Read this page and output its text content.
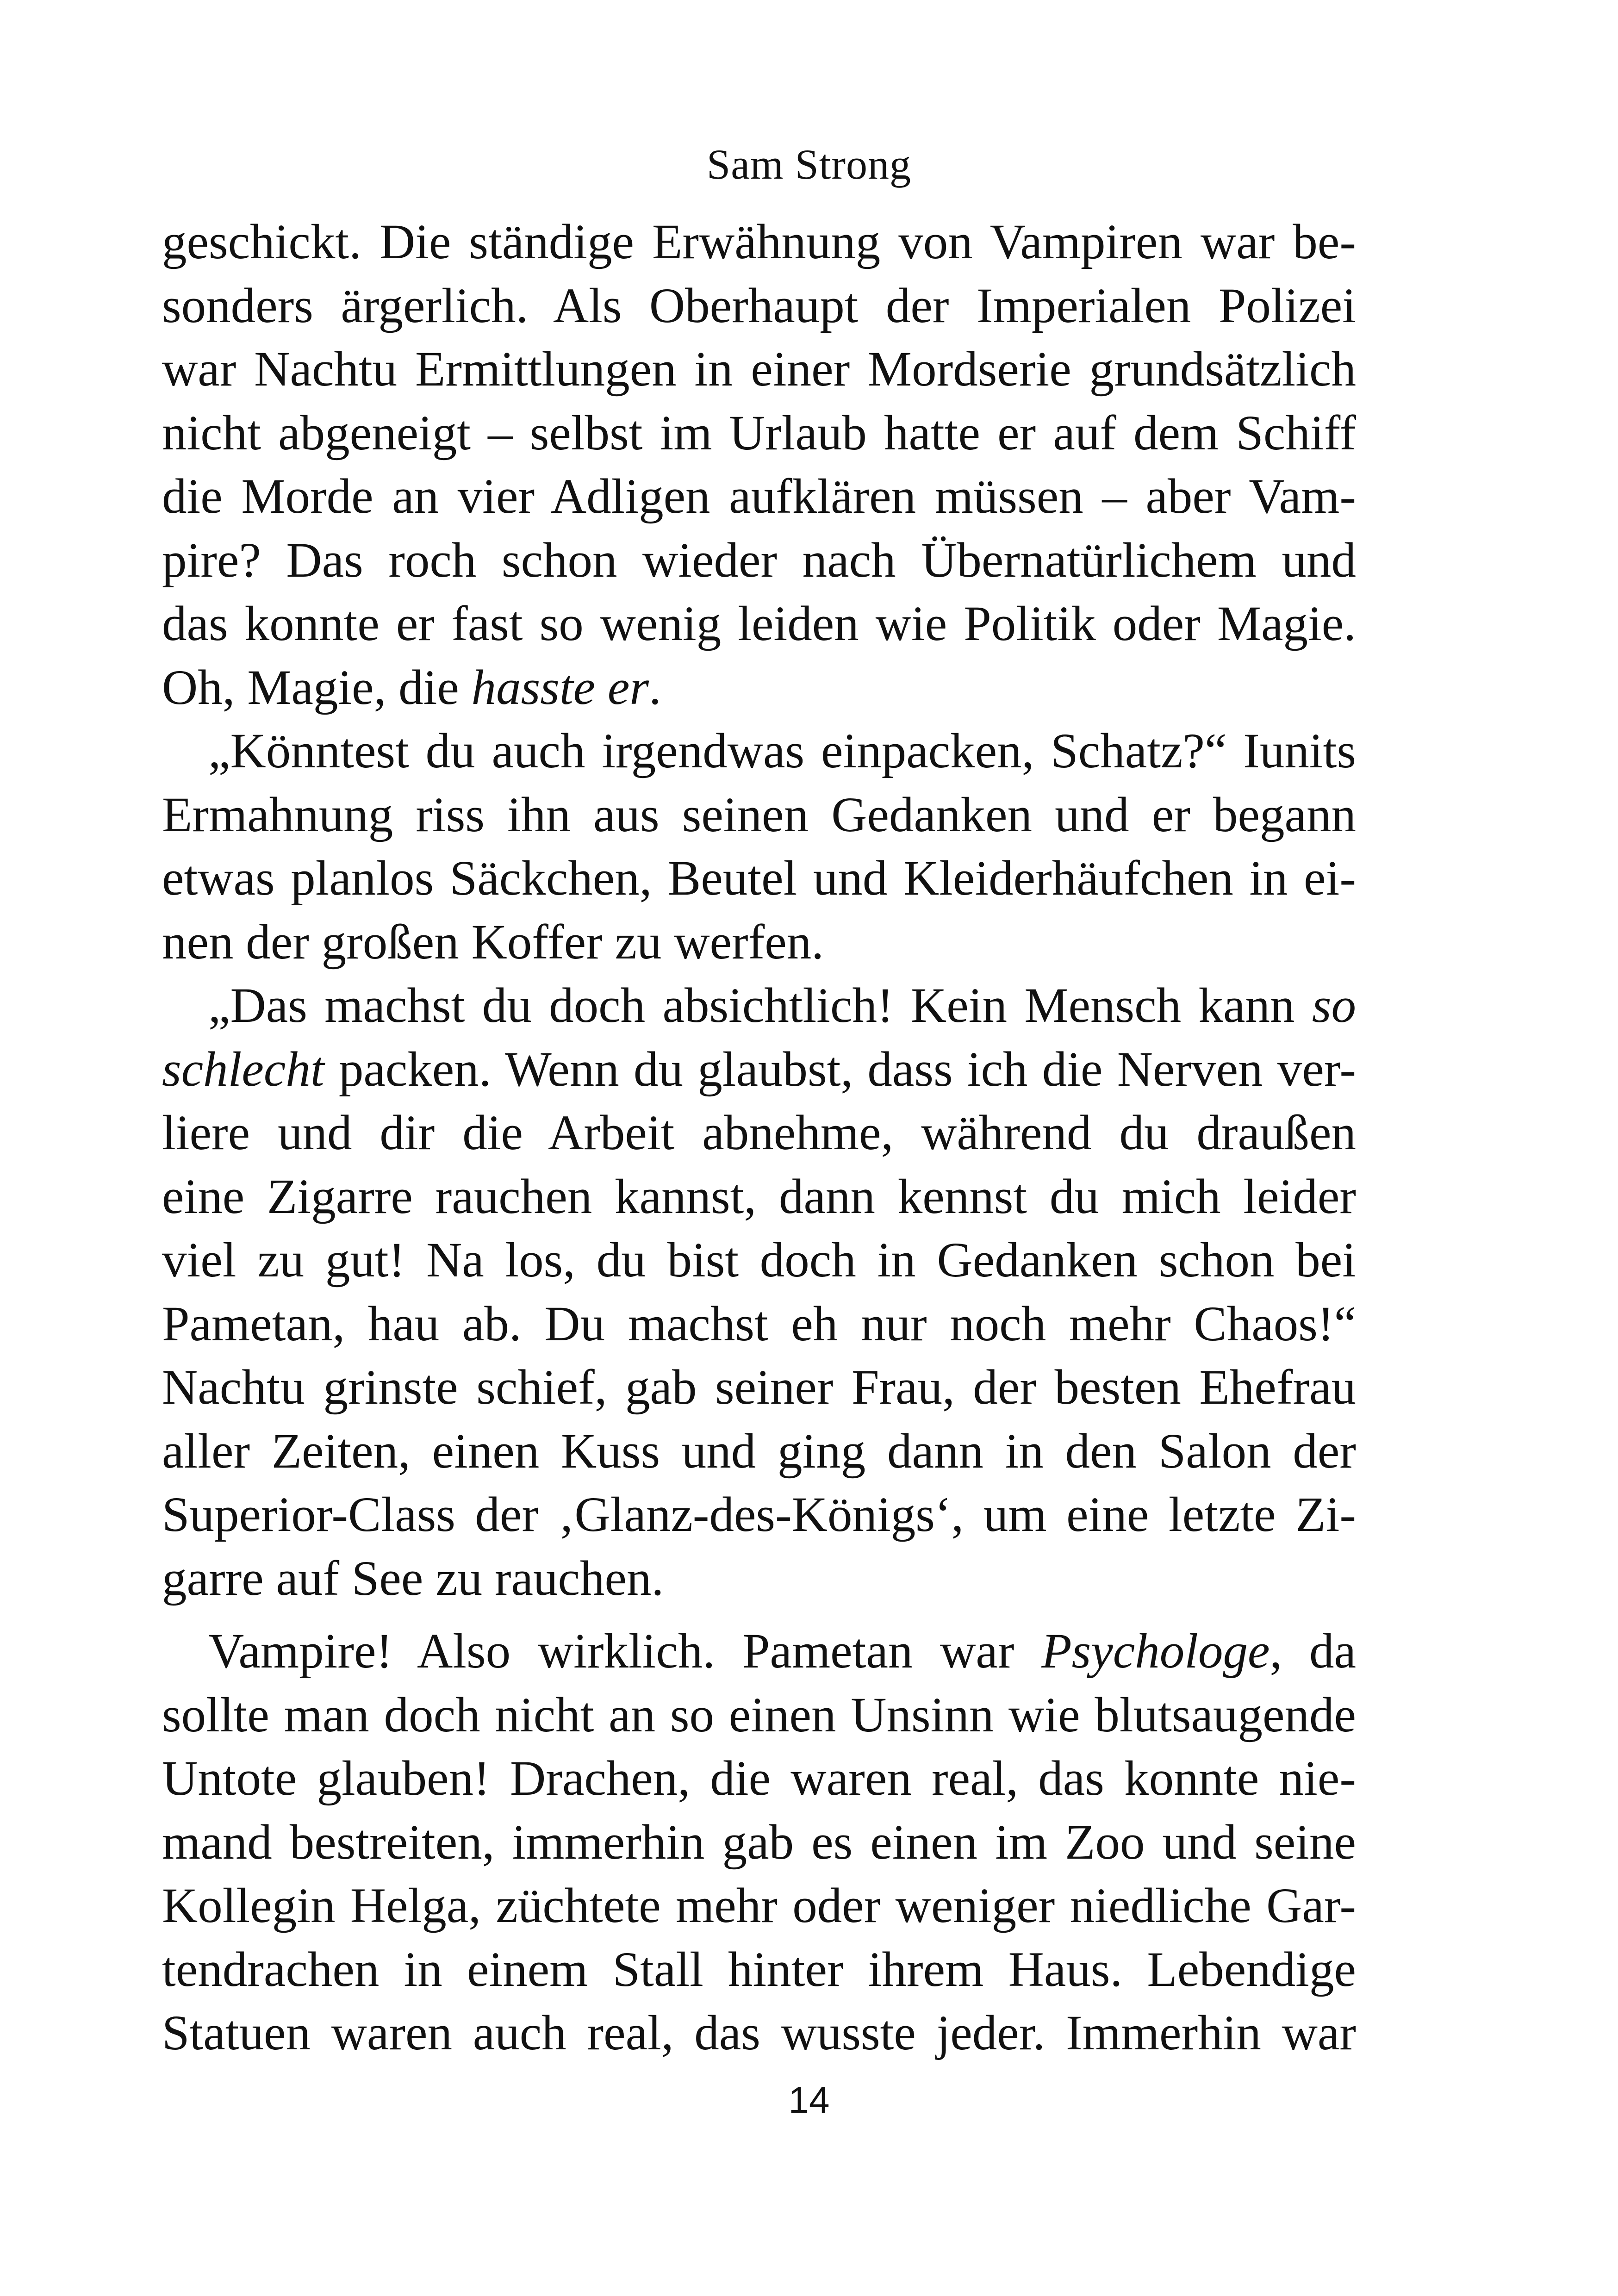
Sam Strong
geschickt. Die ständige Erwähnung von Vampiren war be-
sonders ärgerlich. Als Oberhaupt der Imperialen Polizei
war Nachtu Ermittlungen in einer Mordserie grundsätzlich
nicht abgeneigt – selbst im Urlaub hatte er auf dem Schiff
die Morde an vier Adligen aufklären müssen – aber Vam-
pire? Das roch schon wieder nach Übernatürlichem und
das konnte er fast so wenig leiden wie Politik oder Magie.
Oh, Magie, die hasste er.
„Könntest du auch irgendwas einpacken, Schatz?“ Iunits
Ermahnung riss ihn aus seinen Gedanken und er begann
etwas planlos Säckchen, Beutel und Kleiderhäufchen in ei-
nen der großen Koffer zu werfen.
„Das machst du doch absichtlich! Kein Mensch kann so
schlecht packen. Wenn du glaubst, dass ich die Nerven ver-
liere und dir die Arbeit abnehme, während du draußen
eine Zigarre rauchen kannst, dann kennst du mich leider
viel zu gut! Na los, du bist doch in Gedanken schon bei
Pametan, hau ab. Du machst eh nur noch mehr Chaos!“
Nachtu grinste schief, gab seiner Frau, der besten Ehefrau
aller Zeiten, einen Kuss und ging dann in den Salon der
Superior-Class der ‚Glanz-des-Königs‘, um eine letzte Zi-
garre auf See zu rauchen.
Vampire! Also wirklich. Pametan war Psychologe, da
sollte man doch nicht an so einen Unsinn wie blutsaugende
Untote glauben! Drachen, die waren real, das konnte nie-
mand bestreiten, immerhin gab es einen im Zoo und seine
Kollegin Helga, züchtete mehr oder weniger niedliche Gar-
tendrachen in einem Stall hinter ihrem Haus. Lebendige
Statuen waren auch real, das wusste jeder. Immerhin war
14
